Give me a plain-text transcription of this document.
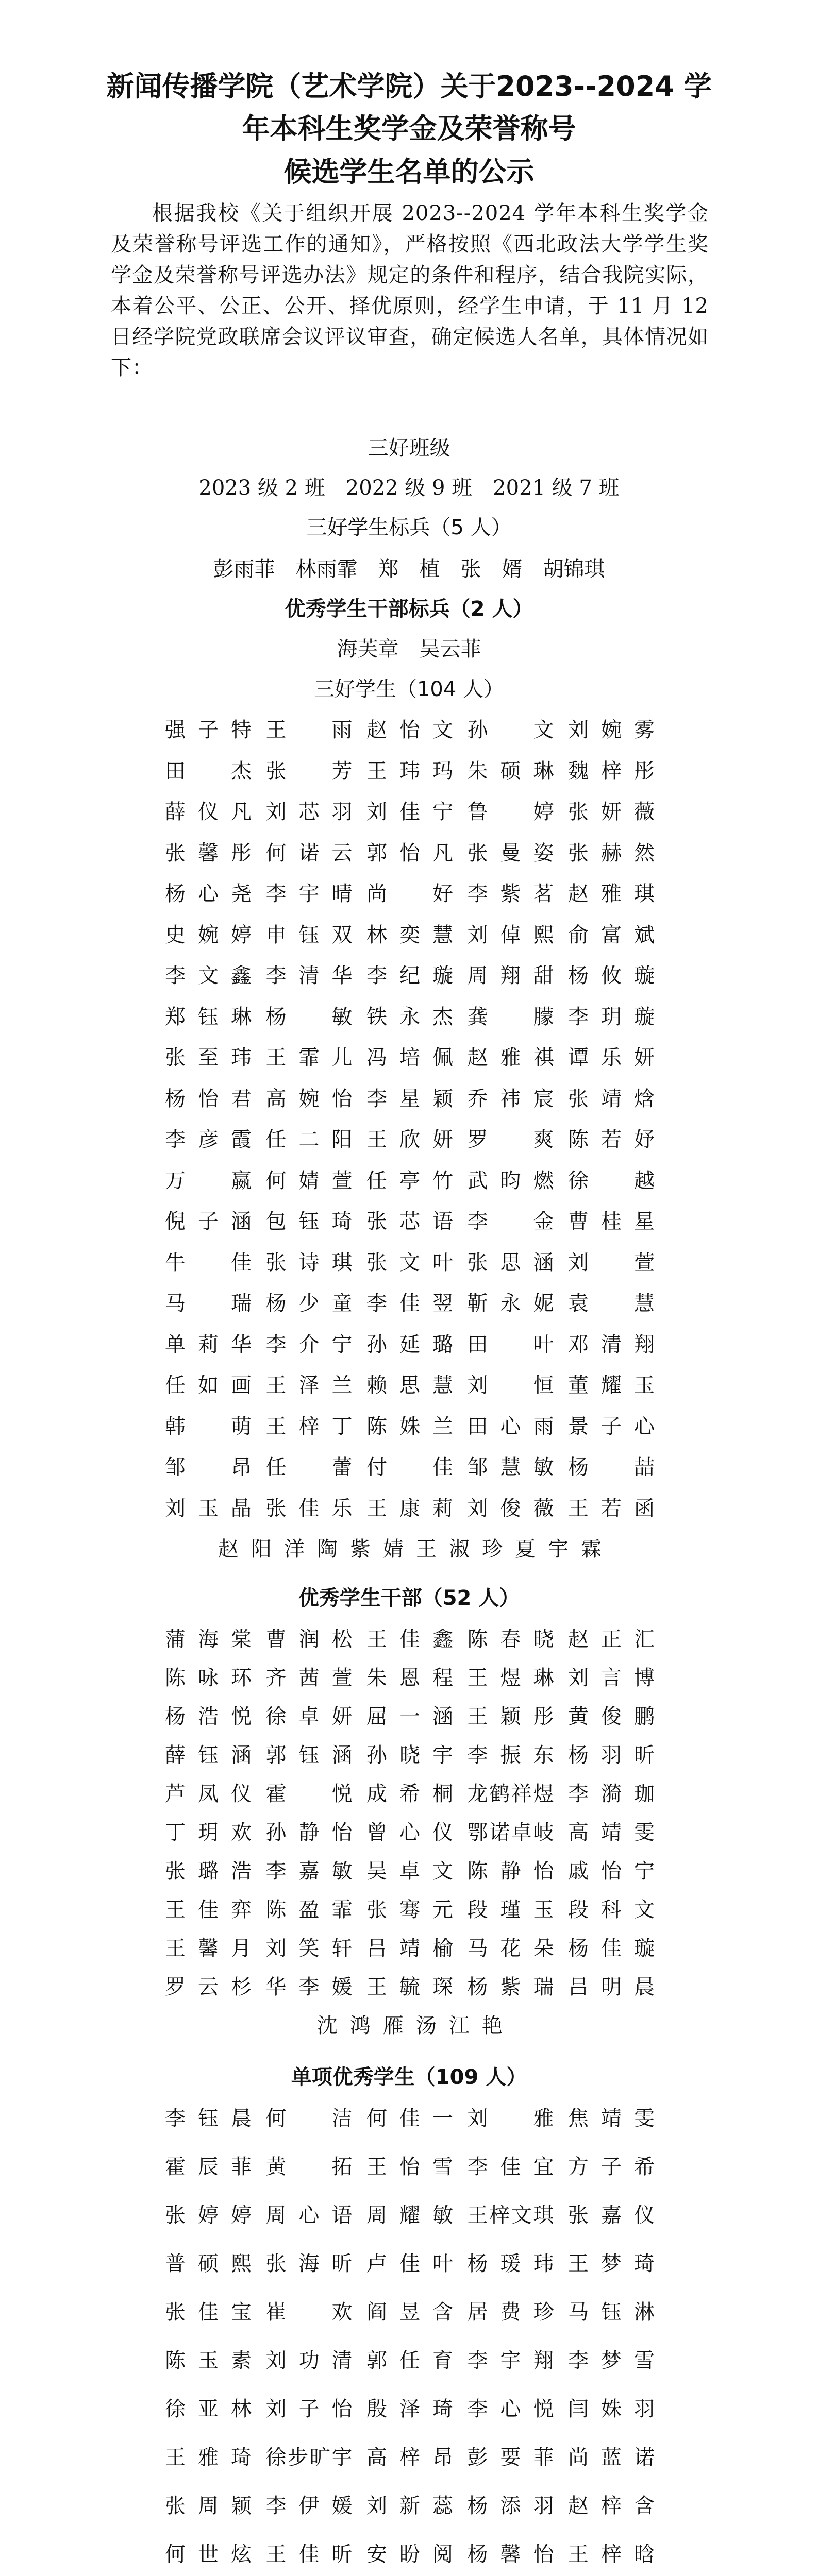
新闻传播学院（艺术学院）关于2023--2024 学
年本科生奖学金及荣誉称号
候选学生名单的公示
根据我校《关于组织开展 2023--2024 学年本科生奖学金及荣誉称号评选工作的通知》，严格按照《西北政法大学学生奖学金及荣誉称号评选办法》规定的条件和程序，结合我院实际，本着公平、公正、公开、择优原则，经学生申请，于 11 月 12 日经学院党政联席会议评议审查，确定候选人名单，具体情况如下：
三好班级
2023 级 2 班　2022 级 9 班　2021 级 7 班
三好学生标兵（5 人）
彭雨菲　林雨霏　郑　植　张　婿　胡锦琪
优秀学生干部标兵（2 人）
海芙章　吴云菲
三好学生（104 人）
强子特 王　雨 赵怡文 孙　文 刘婉雾
田　杰 张　芳 王玮玛 朱硕琳 魏梓彤
薛仪凡 刘芯羽 刘佳宁 鲁　婷 张妍薇
张馨彤 何诺云 郭怡凡 张曼姿 张赫然
杨心尧 李宇晴 尚　好 李紫茗 赵雅琪
史婉婷 申钰双 林奕慧 刘倬熙 俞富斌
李文鑫 李清华 李纪璇 周翔甜 杨攸璇
郑钰琳 杨　敏 铁永杰 龚　朦 李玥璇
张至玮 王霏儿 冯培佩 赵雅祺 谭乐妍
杨怡君 高婉怡 李星颖 乔祎宸 张靖焓
李彦霞 任二阳 王欣妍 罗　爽 陈若妤
万　嬴 何婧萱 任亭竹 武昀燃 徐　越
倪子涵 包钰琦 张芯语 李　金 曹桂星
牛　佳 张诗琪 张文叶 张思涵 刘　萱
马　瑞 杨少童 李佳翌 靳永妮 袁　慧
单莉华 李介宁 孙延璐 田　叶 邓清翔
任如画 王泽兰 赖思慧 刘　恒 董耀玉
韩　萌 王梓丁 陈姝兰 田心雨 景子心
邹　昂 任　蕾 付　佳 邹慧敏 杨　喆
刘玉晶 张佳乐 王康莉 刘俊薇 王若函
赵阳洋 陶紫婧 王淑珍 夏宇霖
优秀学生干部（52 人）
蒲海棠 曹润松 王佳鑫 陈春晓 赵正汇
陈咏环 齐茜萱 朱恩程 王煜琳 刘言博
杨浩悦 徐卓妍 屈一涵 王颖彤 黄俊鹏
薛钰涵 郭钰涵 孙晓宇 李振东 杨羽昕
芦凤仪 霍　悦 成希桐 龙鹤祥煜 李漪珈
丁玥欢 孙静怡 曾心仪 鄂诺卓岐 高靖雯
张璐浩 李嘉敏 吴卓文 陈静怡 戚怡宁
王佳弈 陈盈霏 张骞元 段瑾玉 段科文
王馨月 刘笑轩 吕靖榆 马花朵 杨佳璇
罗云杉 华李媛 王毓琛 杨紫瑞 吕明晨
沈鸿雁 汤江艳
单项优秀学生（109 人）
李钰晨 何　洁 何佳一 刘　雅 焦靖雯
霍辰菲 黄　拓 王怡雪 李佳宜 方子希
张婷婷 周心语 周耀敏 王梓文琪 张嘉仪
普硕熙 张海昕 卢佳叶 杨瑗玮 王梦琦
张佳宝 崔　欢 阎昱含 居费珍 马钰淋
陈玉素 刘功清 郭任育 李宇翔 李梦雪
徐亚林 刘子怡 殷泽琦 李心悦 闫姝羽
王雅琦 徐步旷宇 高梓昂 彭要菲 尚蓝诺
张周颖 李伊媛 刘新蕊 杨添羽 赵梓含
何世炫 王佳昕 安盼阅 杨馨怡 王梓晗
